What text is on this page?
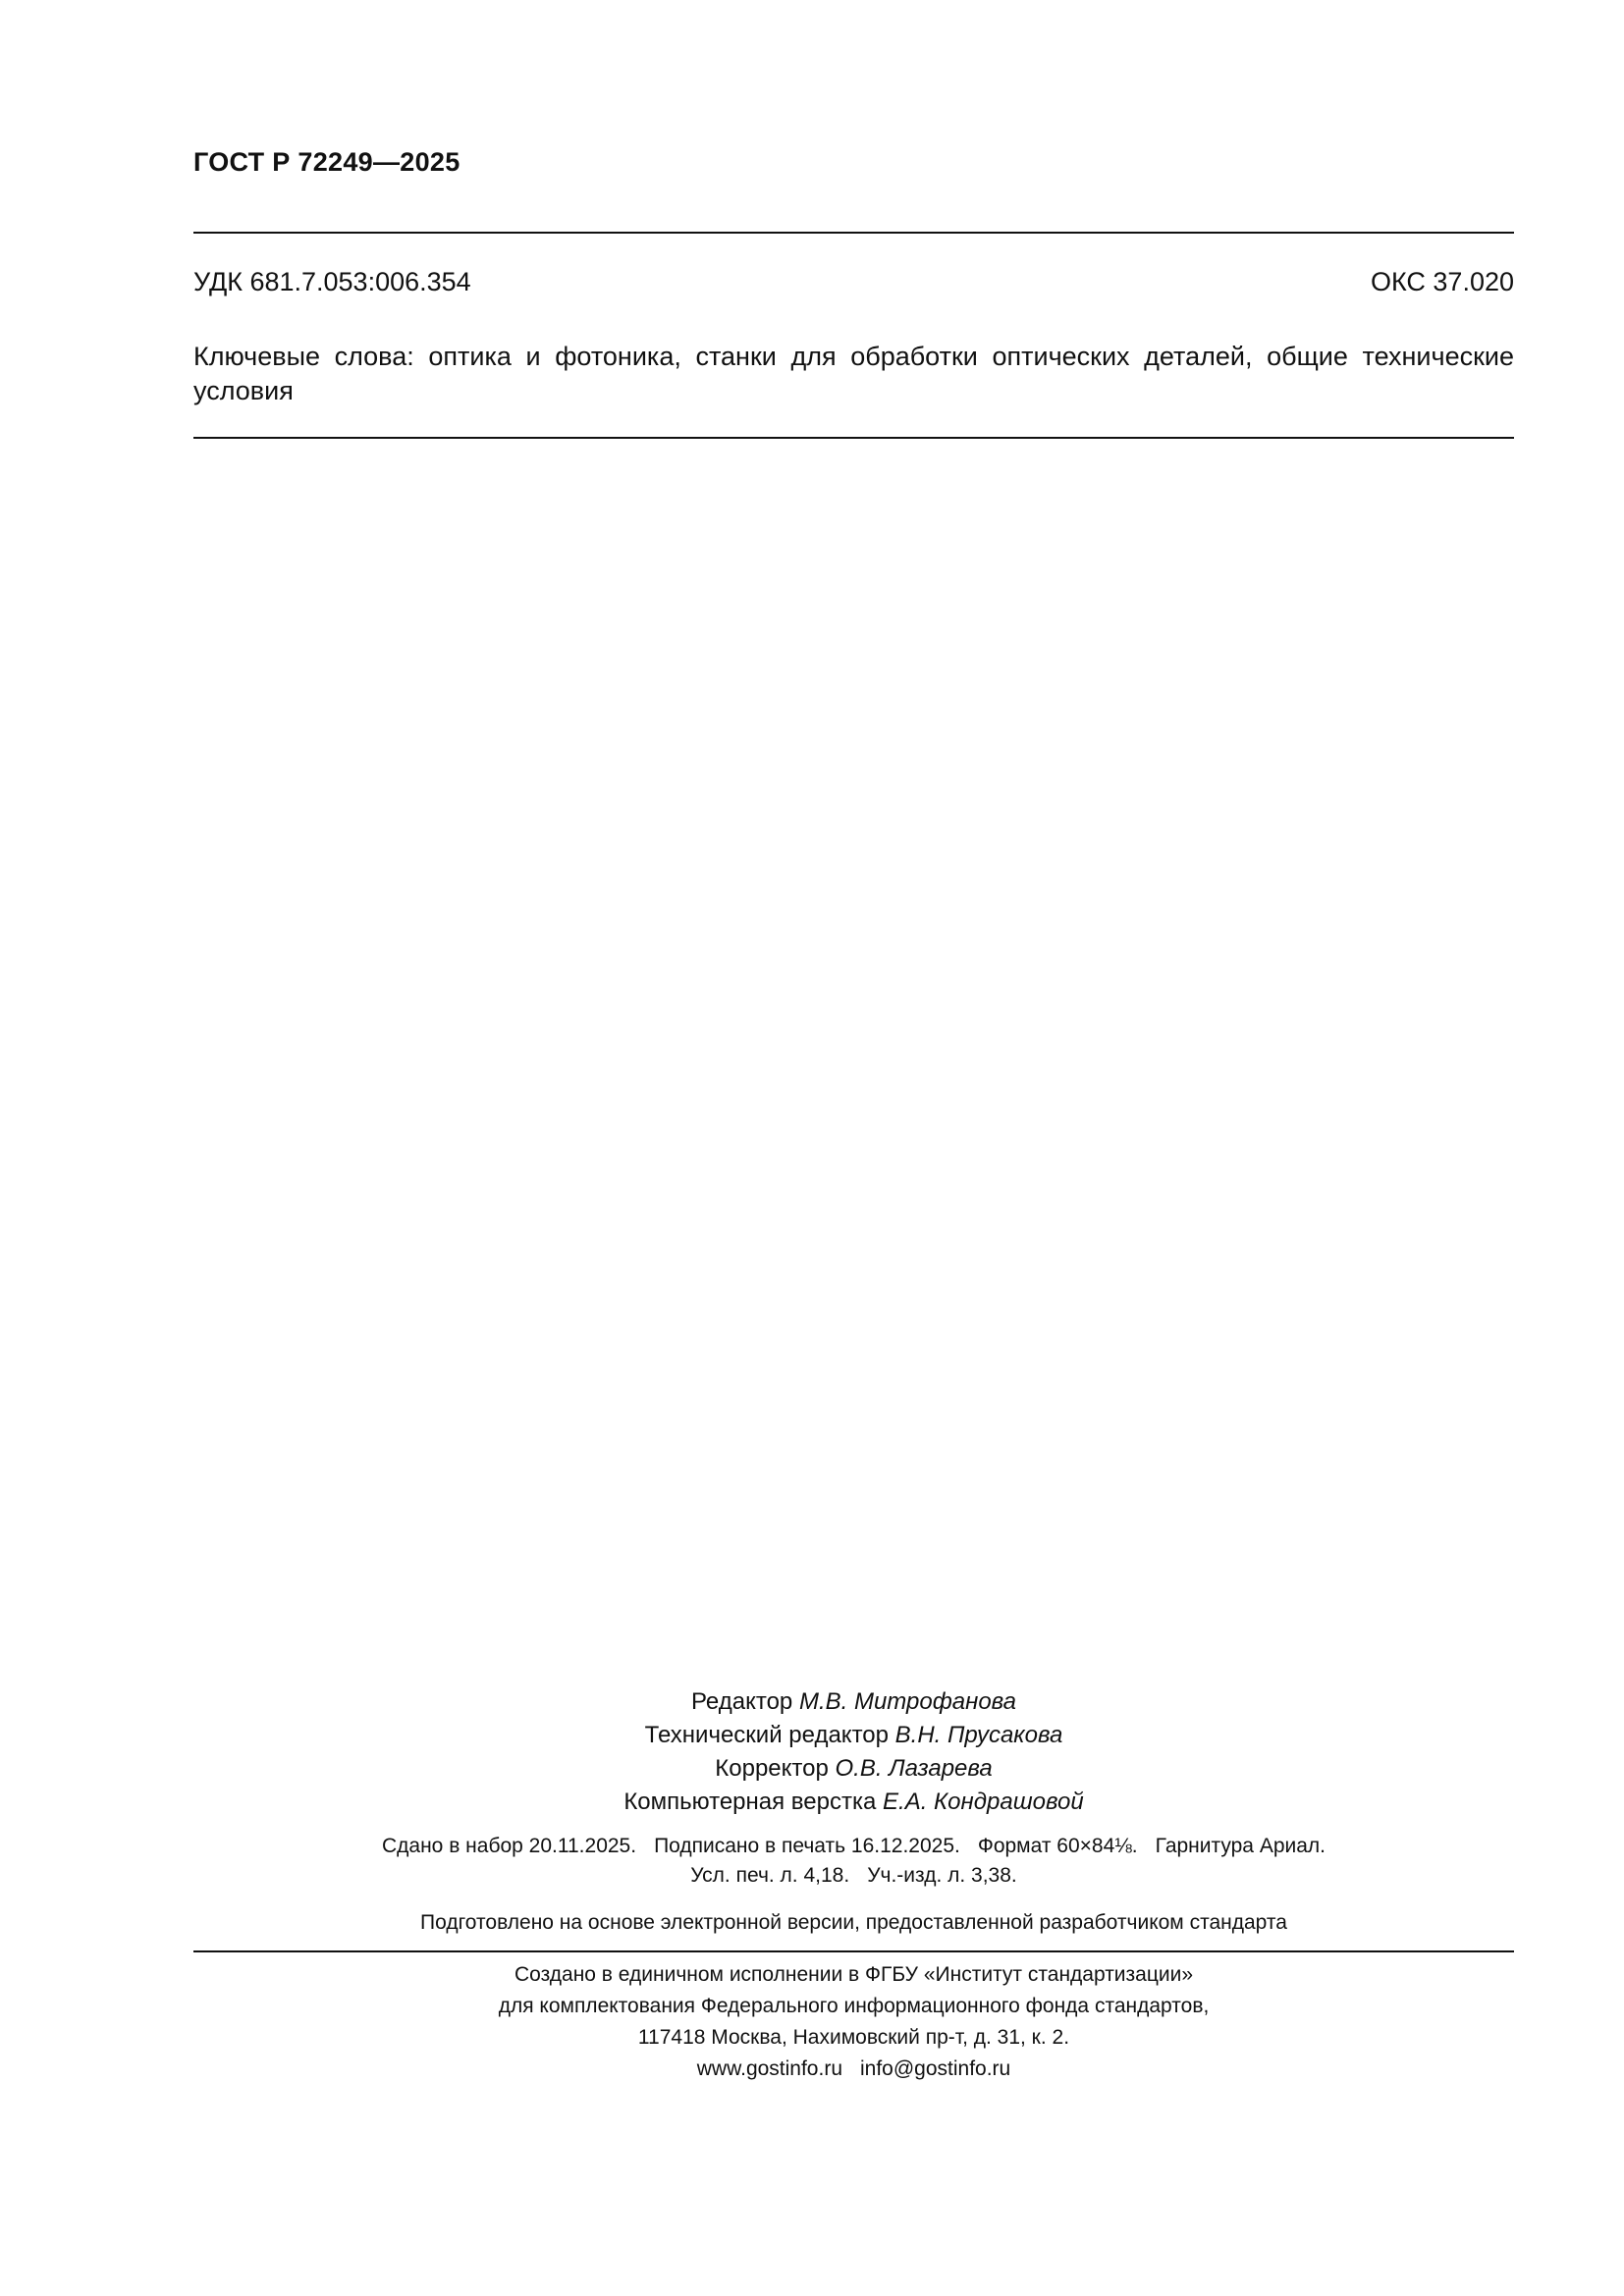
ГОСТ Р 72249—2025
УДК 681.7.053:006.354	ОКС 37.020
Ключевые слова: оптика и фотоника, станки для обработки оптических деталей, общие технические условия
Редактор М.В. Митрофанова
Технический редактор В.Н. Прусакова
Корректор О.В. Лазарева
Компьютерная верстка Е.А. Кондрашовой
Сдано в набор 20.11.2025. Подписано в печать 16.12.2025. Формат 60×84⅛. Гарнитура Ариал.
Усл. печ. л. 4,18. Уч.-изд. л. 3,38.
Подготовлено на основе электронной версии, предоставленной разработчиком стандарта
Создано в единичном исполнении в ФГБУ «Институт стандартизации»
для комплектования Федерального информационного фонда стандартов,
117418 Москва, Нахимовский пр-т, д. 31, к. 2.
www.gostinfo.ru info@gostinfo.ru
